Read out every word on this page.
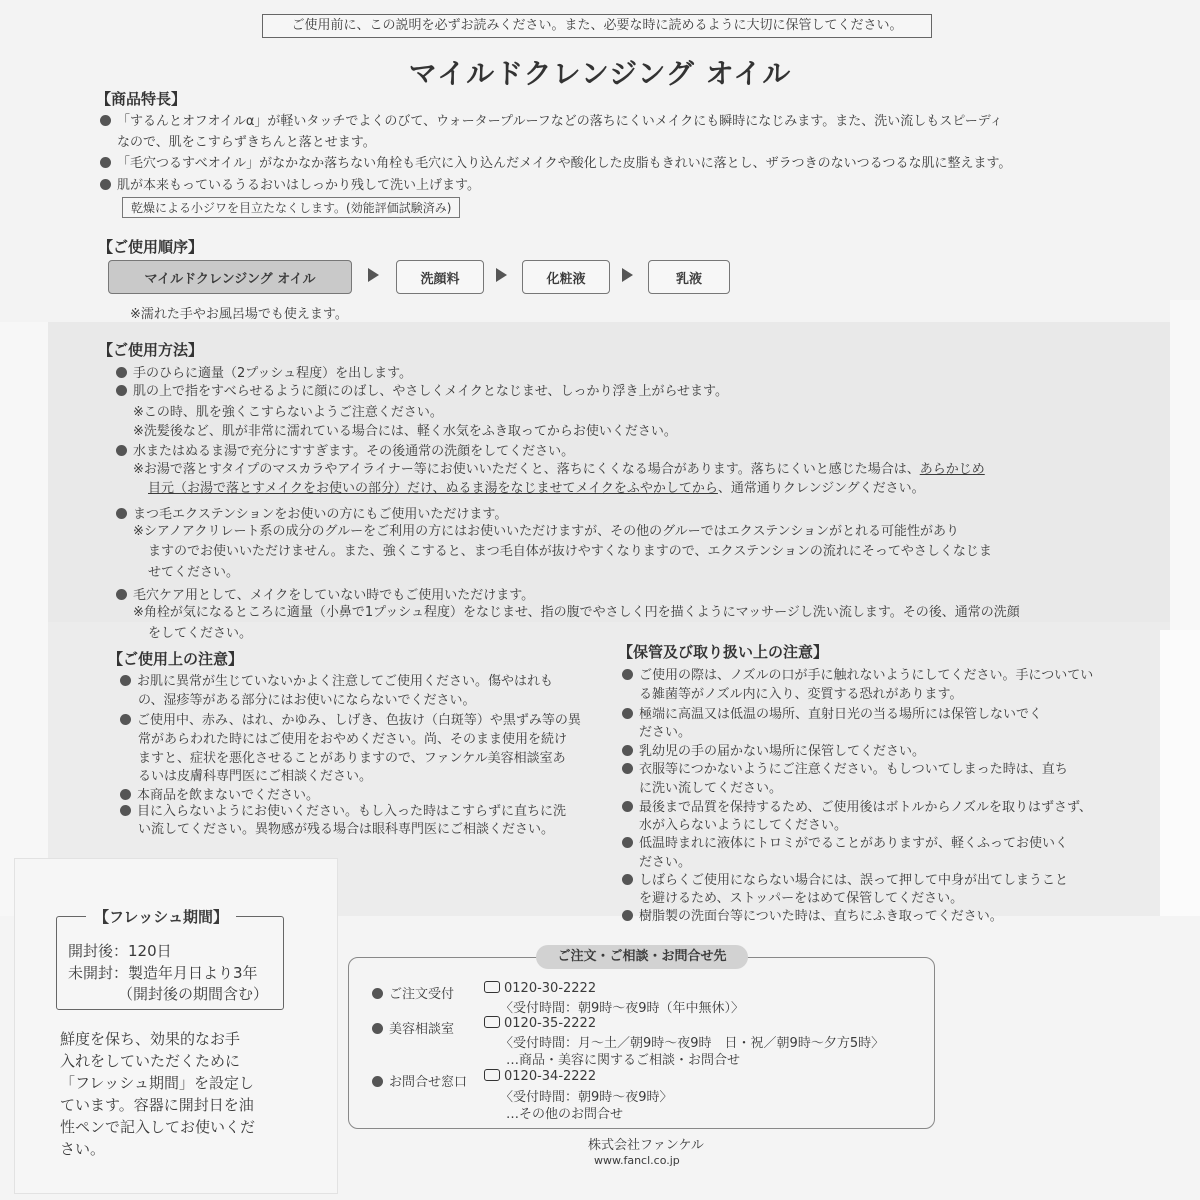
ご使用前に、この説明を必ずお読みください。また、必要な時に読めるように大切に保管してください。
マイルドクレンジング オイル
【商品特長】
「するんとオフオイルα」が軽いタッチでよくのびて、ウォータープルーフなどの落ちにくいメイクにも瞬時になじみます。また、洗い流しもスピーディ
なので、肌をこすらずきちんと落とせます。
「毛穴つるすべオイル」がなかなか落ちない角栓も毛穴に入り込んだメイクや酸化した皮脂もきれいに落とし、ザラつきのないつるつるな肌に整えます。
肌が本来もっているうるおいはしっかり残して洗い上げます。
乾燥による小ジワを目立たなくします。(効能評価試験済み)
【ご使用順序】
マイルドクレンジング オイル	洗顔料	化粧液	乳液
※濡れた手やお風呂場でも使えます。
【ご使用方法】
手のひらに適量（2プッシュ程度）を出します。
肌の上で指をすべらせるように顔にのばし、やさしくメイクとなじませ、しっかり浮き上がらせます。
※この時、肌を強くこすらないようご注意ください。
※洗髪後など、肌が非常に濡れている場合には、軽く水気をふき取ってからお使いください。
水またはぬるま湯で充分にすすぎます。その後通常の洗顔をしてください。
※お湯で落とすタイプのマスカラやアイライナー等にお使いいただくと、落ちにくくなる場合があります。落ちにくいと感じた場合は、あらかじめ
目元（お湯で落とすメイクをお使いの部分）だけ、ぬるま湯をなじませてメイクをふやかしてから、通常通りクレンジングください。
まつ毛エクステンションをお使いの方にもご使用いただけます。
※シアノアクリレート系の成分のグルーをご利用の方にはお使いいただけますが、その他のグルーではエクステンションがとれる可能性があり
ますのでお使いいただけません。また、強くこすると、まつ毛自体が抜けやすくなりますので、エクステンションの流れにそってやさしくなじま
せてください。
毛穴ケア用として、メイクをしていない時でもご使用いただけます。
※角栓が気になるところに適量（小鼻で1プッシュ程度）をなじませ、指の腹でやさしく円を描くようにマッサージし洗い流します。その後、通常の洗顔
をしてください。
【ご使用上の注意】
お肌に異常が生じていないかよく注意してご使用ください。傷やはれも
の、湿疹等がある部分にはお使いにならないでください。
ご使用中、赤み、はれ、かゆみ、しげき、色抜け（白斑等）や黒ずみ等の異
常があらわれた時にはご使用をおやめください。尚、そのまま使用を続け
ますと、症状を悪化させることがありますので、ファンケル美容相談室あ
るいは皮膚科専門医にご相談ください。
本商品を飲まないでください。
目に入らないようにお使いください。もし入った時はこすらずに直ちに洗
い流してください。異物感が残る場合は眼科専門医にご相談ください。
【保管及び取り扱い上の注意】
ご使用の際は、ノズルの口が手に触れないようにしてください。手についてい
る雑菌等がノズル内に入り、変質する恐れがあります。
極端に高温又は低温の場所、直射日光の当る場所には保管しないでく
ださい。
乳幼児の手の届かない場所に保管してください。
衣服等につかないようにご注意ください。もしついてしまった時は、直ち
に洗い流してください。
最後まで品質を保持するため、ご使用後はボトルからノズルを取りはずさず、
水が入らないようにしてください。
低温時まれに液体にトロミがでることがありますが、軽くふってお使いく
ださい。
しばらくご使用にならない場合には、誤って押して中身が出てしまうこと
を避けるため、ストッパーをはめて保管してください。
樹脂製の洗面台等についた時は、直ちにふき取ってください。
【フレッシュ期間】
開封後：120日
未開封：製造年月日より3年
（開封後の期間含む）
鮮度を保ち、効果的なお手
入れをしていただくために
「フレッシュ期間」を設定し
ています。容器に開封日を油
性ペンで記入してお使いくだ
さい。
ご注文・ご相談・お問合せ先
ご注文受付	0120-30-2222
〈受付時間：朝9時〜夜9時（年中無休）〉
美容相談室	0120-35-2222
〈受付時間：月〜土／朝9時〜夜9時　日・祝／朝9時〜夕方5時〉
…商品・美容に関するご相談・お問合せ
お問合せ窓口	0120-34-2222
〈受付時間：朝9時〜夜9時〉
…その他のお問合せ
株式会社ファンケル
www.fancl.co.jp
